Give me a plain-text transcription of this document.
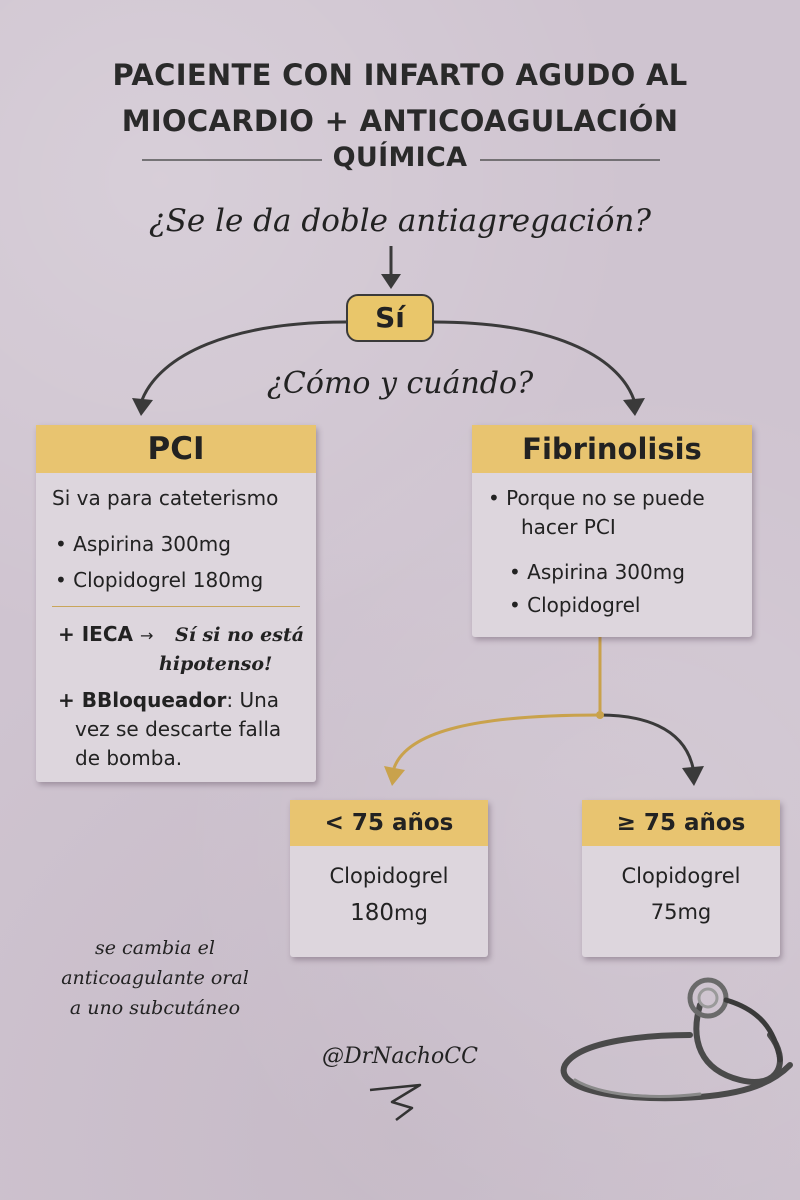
PACIENTE CON INFARTO AGUDO AL
MIOCARDIO + ANTICOAGULACIÓN
QUÍMICA
¿Se le da doble antiagregación?
Sí
¿Cómo y cuándo?
PCI
Si va para cateterismo
• Aspirina 300mg
• Clopidogrel 180mg
+ IECA → Sí si no está
hipotenso!
+ BBloqueador: Una
vez se descarte falla
de bomba.
Fibrinolisis
• Porque no se puede
hacer PCI
• Aspirina 300mg
• Clopidogrel
< 75 años
Clopidogrel
180mg
≥ 75 años
Clopidogrel
75mg
se cambia el
anticoagulante oral
a uno subcutáneo
@DrNachoCC
